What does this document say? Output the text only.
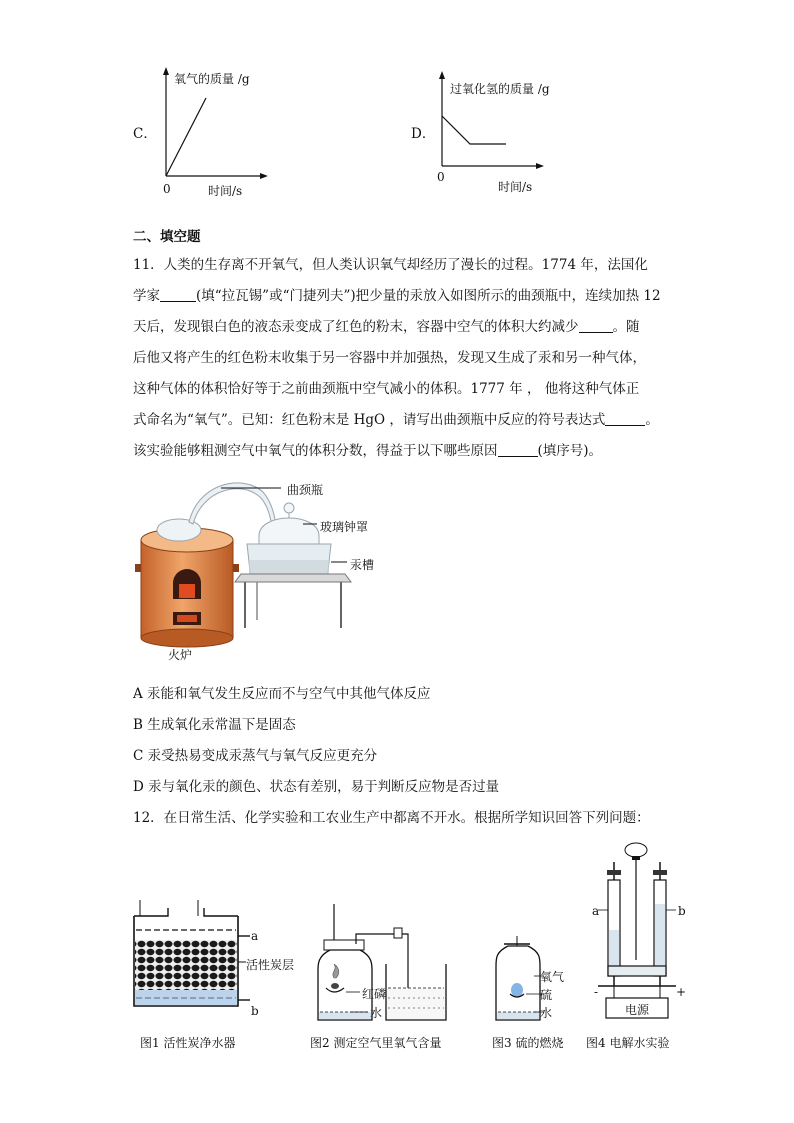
C．
氧气的质量 /g
0	时间/s
D．
过氧化氢的质量 /g
0
时间/s
二、填空题
11．人类的生存离不开氧气，但人类认识氧气却经历了漫长的过程。1774 年，法国化
学家	(填“拉瓦锡”或“门捷列夫”)把少量的汞放入如图所示的曲颈瓶中，连续加热 12
天后，发现银白色的液态汞变成了红色的粉末，容器中空气的体积大约减少	。随
后他又将产生的红色粉末收集于另一容器中并加强热，发现又生成了汞和另一种气体，
这种气体的体积恰好等于之前曲颈瓶中空气减小的体积。1777 年 ， 他将这种气体正
式命名为“氧气”。已知：红色粉末是 HgO ，请写出曲颈瓶中反应的符号表达式	。
该实验能够粗测空气中氧气的体积分数，得益于以下哪些原因	(填序号)。
曲颈瓶
玻璃钟罩
汞槽
火炉
A 汞能和氧气发生反应而不与空气中其他气体反应
B 生成氧化汞常温下是固态
C 汞受热易变成汞蒸气与氧气反应更充分
D 汞与氧化汞的颜色、状态有差别，易于判断反应物是否过量
12．在日常生活、化学实验和工农业生产中都离不开水。根据所学知识回答下列问题：
a
活性炭层
b
图1 活性炭净水器
红磷
水
图2 测定空气里氧气含量
氧气
硫
水
图3 硫的燃烧
a	b
-	+
电源
图4 电解水实验
